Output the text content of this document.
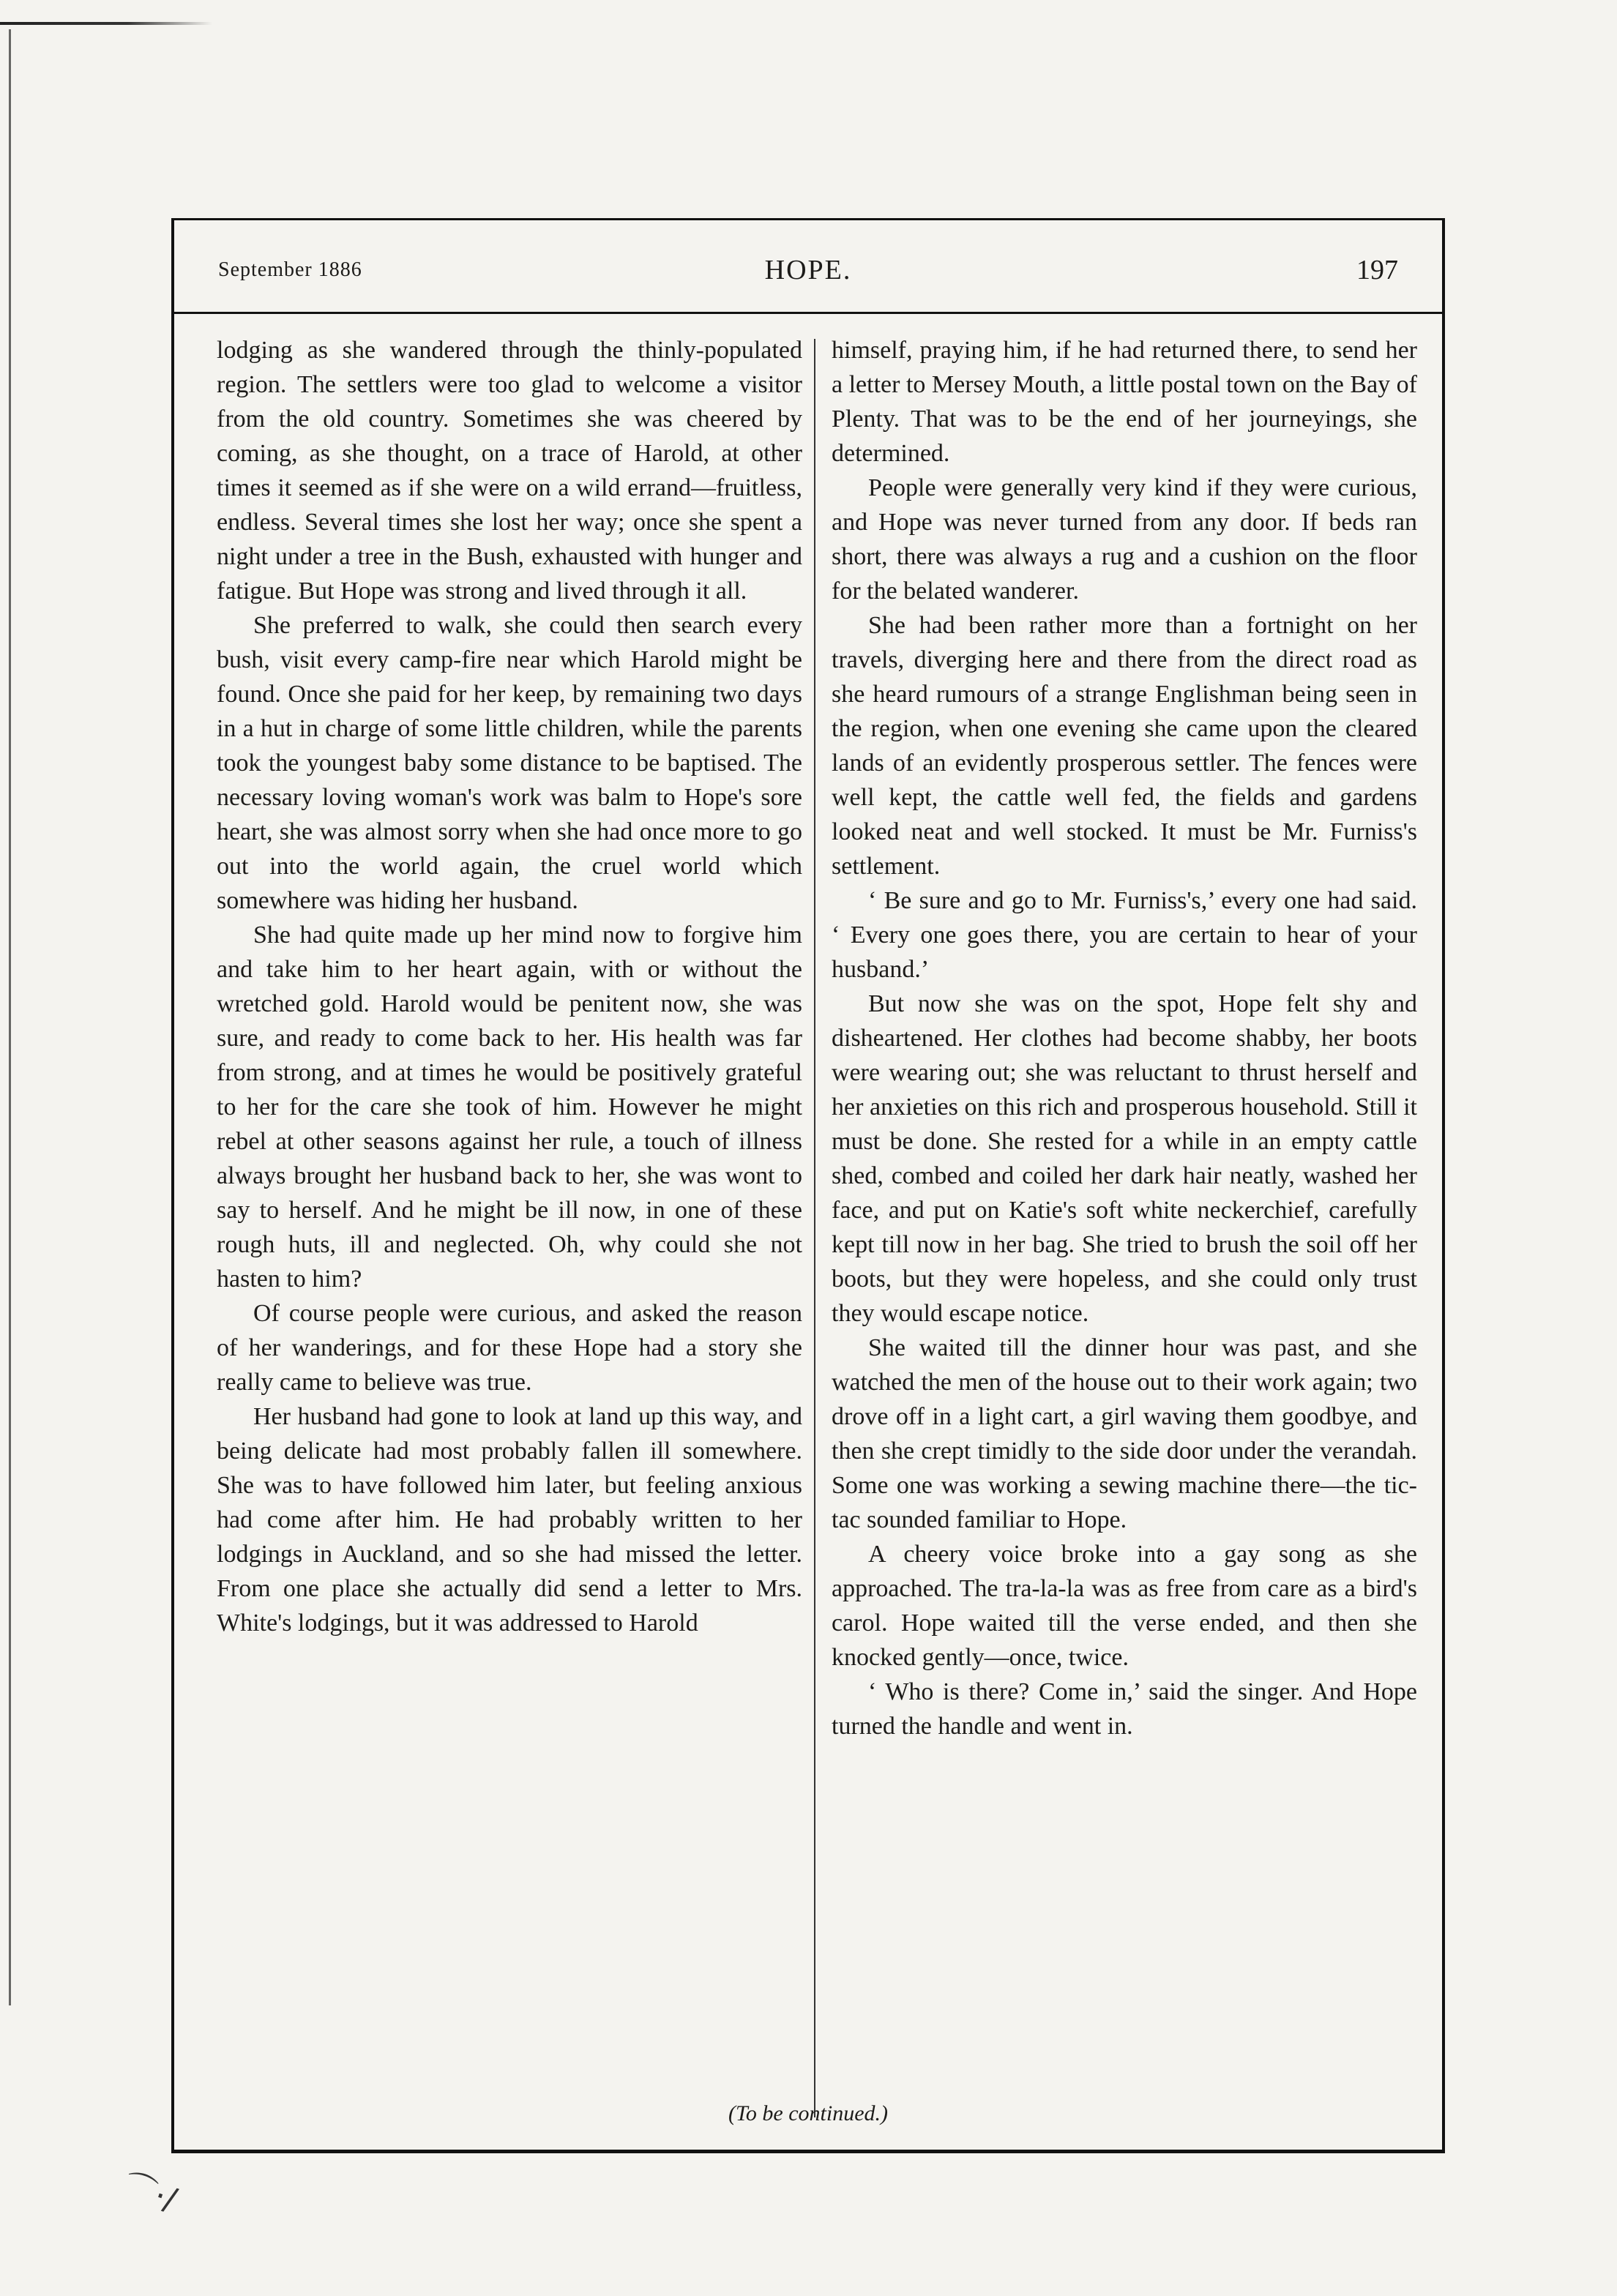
September 1886	HOPE.	197

lodging as she wandered through the thinly-populated region. The settlers were too glad to welcome a visitor from the old country. Sometimes she was cheered by coming, as she thought, on a trace of Harold, at other times it seemed as if she were on a wild errand—fruitless, endless. Several times she lost her way; once she spent a night under a tree in the Bush, exhausted with hunger and fatigue. But Hope was strong and lived through it all.

She preferred to walk, she could then search every bush, visit every camp-fire near which Harold might be found. Once she paid for her keep, by remaining two days in a hut in charge of some little children, while the parents took the youngest baby some distance to be baptised. The necessary loving woman's work was balm to Hope's sore heart, she was almost sorry when she had once more to go out into the world again, the cruel world which somewhere was hiding her husband.

She had quite made up her mind now to forgive him and take him to her heart again, with or without the wretched gold. Harold would be penitent now, she was sure, and ready to come back to her. His health was far from strong, and at times he would be positively grateful to her for the care she took of him. However he might rebel at other seasons against her rule, a touch of illness always brought her husband back to her, she was wont to say to herself. And he might be ill now, in one of these rough huts, ill and neglected. Oh, why could she not hasten to him?

Of course people were curious, and asked the reason of her wanderings, and for these Hope had a story she really came to believe was true.

Her husband had gone to look at land up this way, and being delicate had most probably fallen ill somewhere. She was to have followed him later, but feeling anxious had come after him. He had probably written to her lodgings in Auckland, and so she had missed the letter. From one place she actually did send a letter to Mrs. White's lodgings, but it was addressed to Harold

himself, praying him, if he had returned there, to send her a letter to Mersey Mouth, a little postal town on the Bay of Plenty. That was to be the end of her journeyings, she determined.

People were generally very kind if they were curious, and Hope was never turned from any door. If beds ran short, there was always a rug and a cushion on the floor for the belated wanderer.

She had been rather more than a fortnight on her travels, diverging here and there from the direct road as she heard rumours of a strange Englishman being seen in the region, when one evening she came upon the cleared lands of an evidently prosperous settler. The fences were well kept, the cattle well fed, the fields and gardens looked neat and well stocked. It must be Mr. Furniss's settlement.

‘ Be sure and go to Mr. Furniss's,’ every one had said. ‘ Every one goes there, you are certain to hear of your husband.’

But now she was on the spot, Hope felt shy and disheartened. Her clothes had become shabby, her boots were wearing out; she was reluctant to thrust herself and her anxieties on this rich and prosperous household. Still it must be done. She rested for a while in an empty cattle shed, combed and coiled her dark hair neatly, washed her face, and put on Katie's soft white neckerchief, carefully kept till now in her bag. She tried to brush the soil off her boots, but they were hopeless, and she could only trust they would escape notice.

She waited till the dinner hour was past, and she watched the men of the house out to their work again; two drove off in a light cart, a girl waving them goodbye, and then she crept timidly to the side door under the verandah. Some one was working a sewing machine there—the tic-tac sounded familiar to Hope.

A cheery voice broke into a gay song as she approached. The tra-la-la was as free from care as a bird's carol. Hope waited till the verse ended, and then she knocked gently—once, twice.

‘ Who is there? Come in,’ said the singer. And Hope turned the handle and went in.

(To be continued.)
⌒·/
